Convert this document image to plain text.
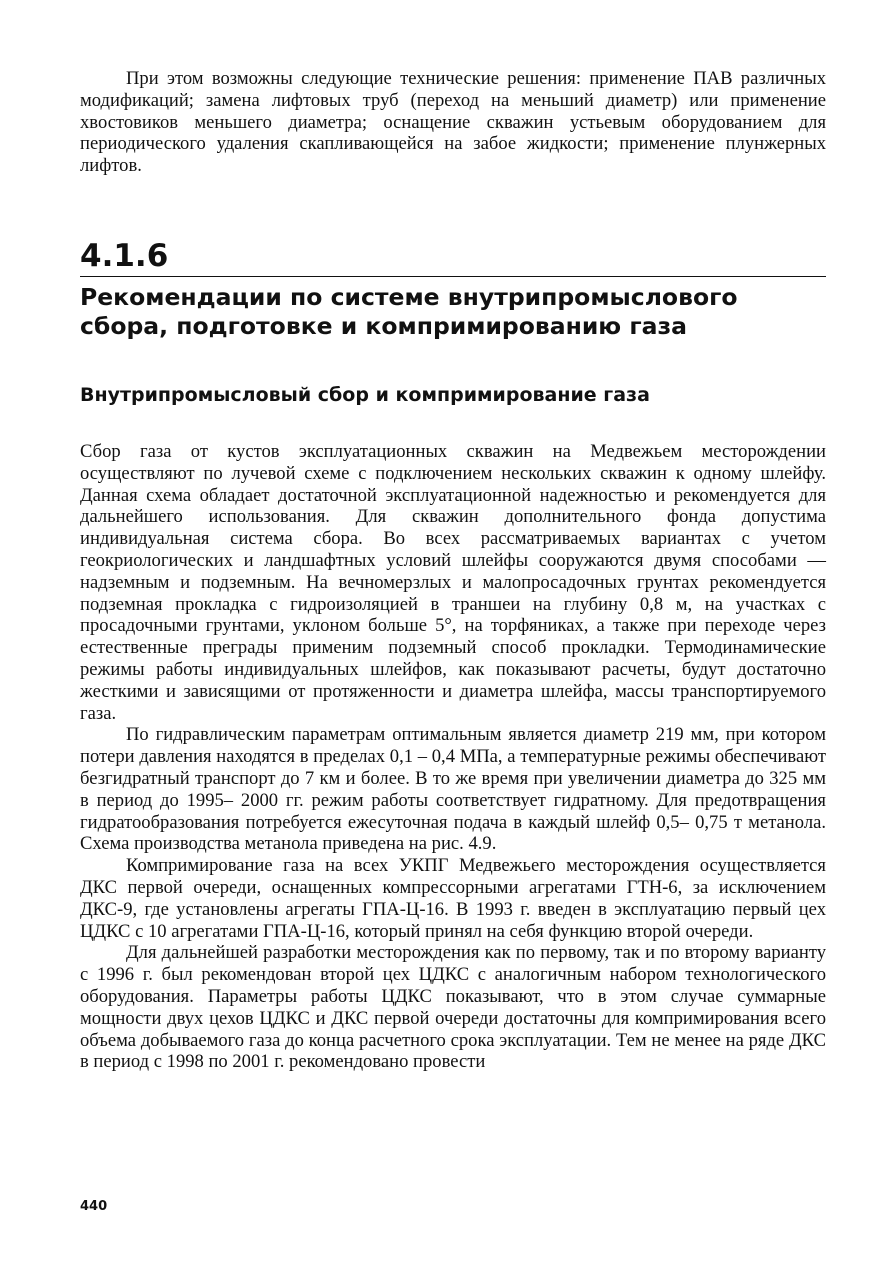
При этом возможны следующие технические решения: применение ПАВ различных модификаций; замена лифтовых труб (переход на меньший диаметр) или применение хвостовиков меньшего диаметра; оснащение скважин устьевым оборудованием для периодического удаления скапливающейся на забое жидкости; применение плунжерных лифтов.

4.1.6
Рекомендации по системе внутрипромыслового сбора, подготовке и компримированию газа
Внутрипромысловый сбор и компримирование газа

Сбор газа от кустов эксплуатационных скважин на Медвежьем месторождении осуществляют по лучевой схеме с подключением нескольких скважин к одному шлейфу. Данная схема обладает достаточной эксплуатационной надежностью и рекомендуется для дальнейшего использования. Для скважин дополнительного фонда допустима индивидуальная система сбора. Во всех рассматриваемых вариантах с учетом геокриологических и ландшафтных условий шлейфы сооружаются двумя способами — надземным и подземным. На вечномерзлых и малопросадочных грунтах рекомендуется подземная прокладка с гидроизоляцией в траншеи на глубину 0,8 м, на участках с просадочными грунтами, уклоном больше 5°, на торфяниках, а также при переходе через естественные преграды применим подземный способ прокладки. Термодинамические режимы работы индивидуальных шлейфов, как показывают расчеты, будут достаточно жесткими и зависящими от протяженности и диаметра шлейфа, массы транспортируемого газа.

По гидравлическим параметрам оптимальным является диаметр 219 мм, при котором потери давления находятся в пределах 0,1 – 0,4 МПа, а температурные режимы обеспечивают безгидратный транспорт до 7 км и более. В то же время при увеличении диаметра до 325 мм в период до 1995– 2000 гг. режим работы соответствует гидратному. Для предотвращения гидратообразования потребуется ежесуточная подача в каждый шлейф 0,5– 0,75 т метанола. Схема производства метанола приведена на рис. 4.9.

Компримирование газа на всех УКПГ Медвежьего месторождения осуществляется ДКС первой очереди, оснащенных компрессорными агрегатами ГТН-6, за исключением ДКС-9, где установлены агрегаты ГПА-Ц-16. В 1993 г. введен в эксплуатацию первый цех ЦДКС с 10 агрегатами ГПА-Ц-16, который принял на себя функцию второй очереди.

Для дальнейшей разработки месторождения как по первому, так и по второму варианту с 1996 г. был рекомендован второй цех ЦДКС с аналогичным набором технологического оборудования. Параметры работы ЦДКС показывают, что в этом случае суммарные мощности двух цехов ЦДКС и ДКС первой очереди достаточны для компримирования всего объема добываемого газа до конца расчетного срока эксплуатации. Тем не менее на ряде ДКС в период с 1998 по 2001 г. рекомендовано провести

440
